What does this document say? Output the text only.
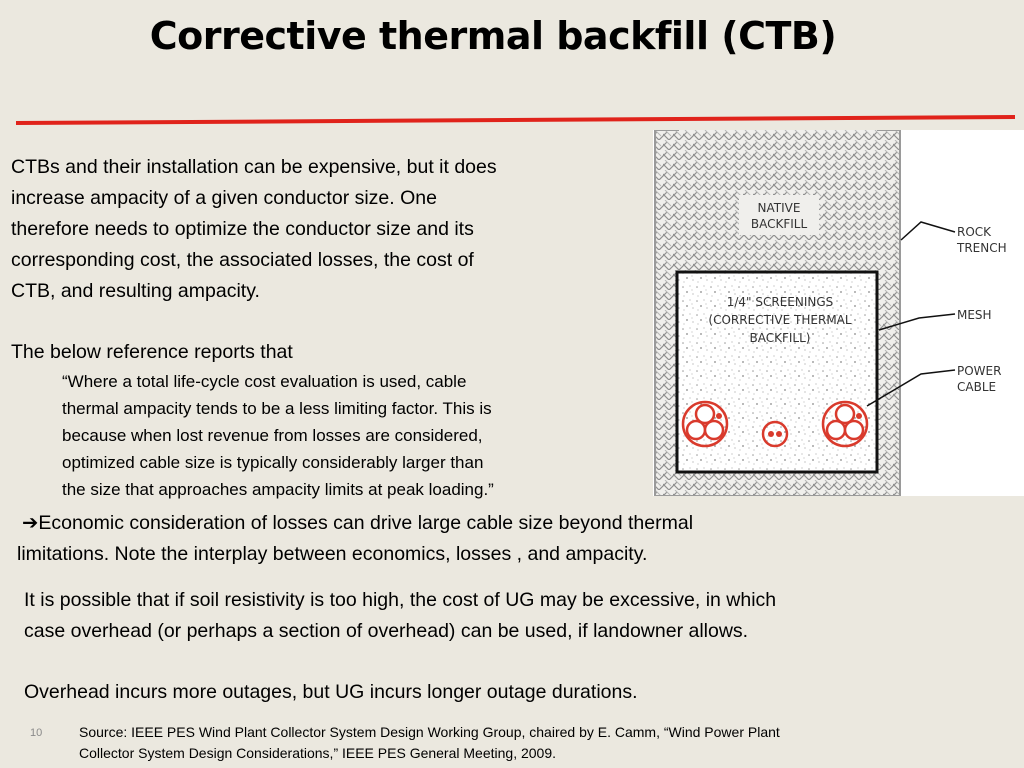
Corrective thermal backfill (CTB)
CTBs and their installation can be expensive, but it does
increase ampacity of a given conductor size. One
therefore needs to optimize the conductor size and its
corresponding cost, the associated losses, the cost of
CTB, and resulting ampacity.
The below reference reports that
“Where a total life-cycle cost evaluation is used, cable
thermal ampacity tends to be a less limiting factor. This is
because when lost revenue from losses are considered,
optimized cable size is typically considerably larger than
the size that approaches ampacity limits at peak loading.”
➔Economic consideration of losses can drive large cable size beyond thermal
limitations. Note the interplay between economics, losses , and ampacity.
It is possible that if soil resistivity is too high, the cost of UG may be excessive, in which
case overhead (or perhaps a section of overhead) can be used, if landowner allows.
Overhead incurs more outages, but UG incurs longer outage durations.
10	Source: IEEE PES Wind Plant Collector System Design Working Group, chaired by E. Camm, “Wind Power Plant
Collector System Design Considerations,” IEEE PES General Meeting, 2009.
NATIVE
BACKFILL
1/4" SCREENINGS
(CORRECTIVE THERMAL
BACKFILL)
ROCK
TRENCH
MESH
POWER
CABLE
